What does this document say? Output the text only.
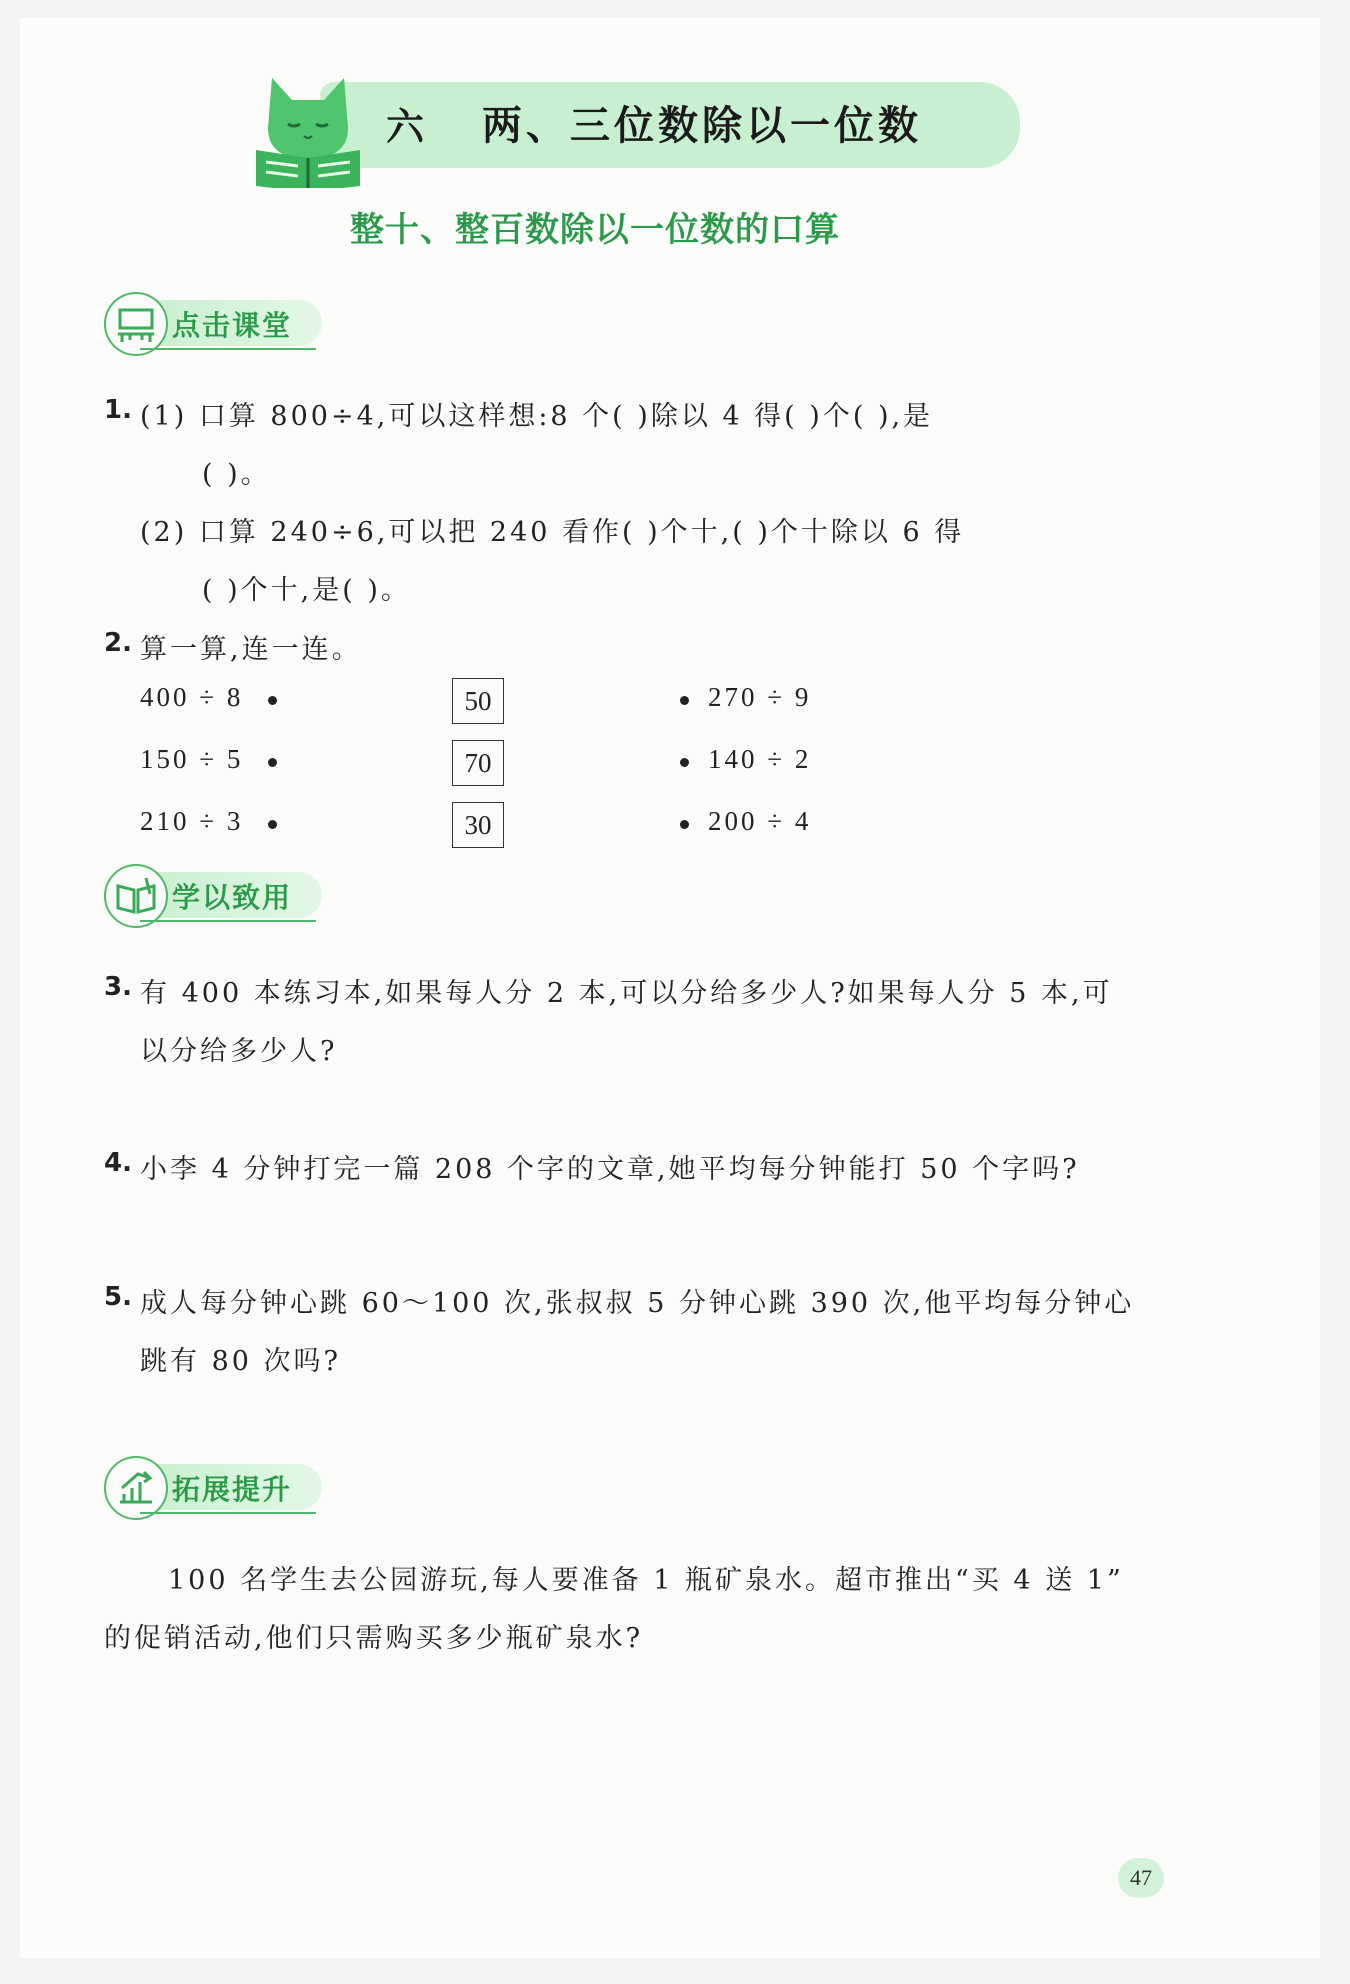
六 两、三位数除以一位数
整十、整百数除以一位数的口算
点击课堂
1. (1) 口算 800÷4,可以这样想:8 个( )除以 4 得( )个( ),是
( )。
(2) 口算 240÷6,可以把 240 看作( )个十,( )个十除以 6 得
( )个十,是( )。
2. 算一算,连一连。
400 ÷ 8
150 ÷ 5
210 ÷ 3
50
70
30
270 ÷ 9
140 ÷ 2
200 ÷ 4
学以致用
3. 有 400 本练习本,如果每人分 2 本,可以分给多少人?如果每人分 5 本,可
以分给多少人?
4. 小李 4 分钟打完一篇 208 个字的文章,她平均每分钟能打 50 个字吗?
5. 成人每分钟心跳 60～100 次,张叔叔 5 分钟心跳 390 次,他平均每分钟心
跳有 80 次吗?
拓展提升
100 名学生去公园游玩,每人要准备 1 瓶矿泉水。超市推出“买 4 送 1”
的促销活动,他们只需购买多少瓶矿泉水?
47
